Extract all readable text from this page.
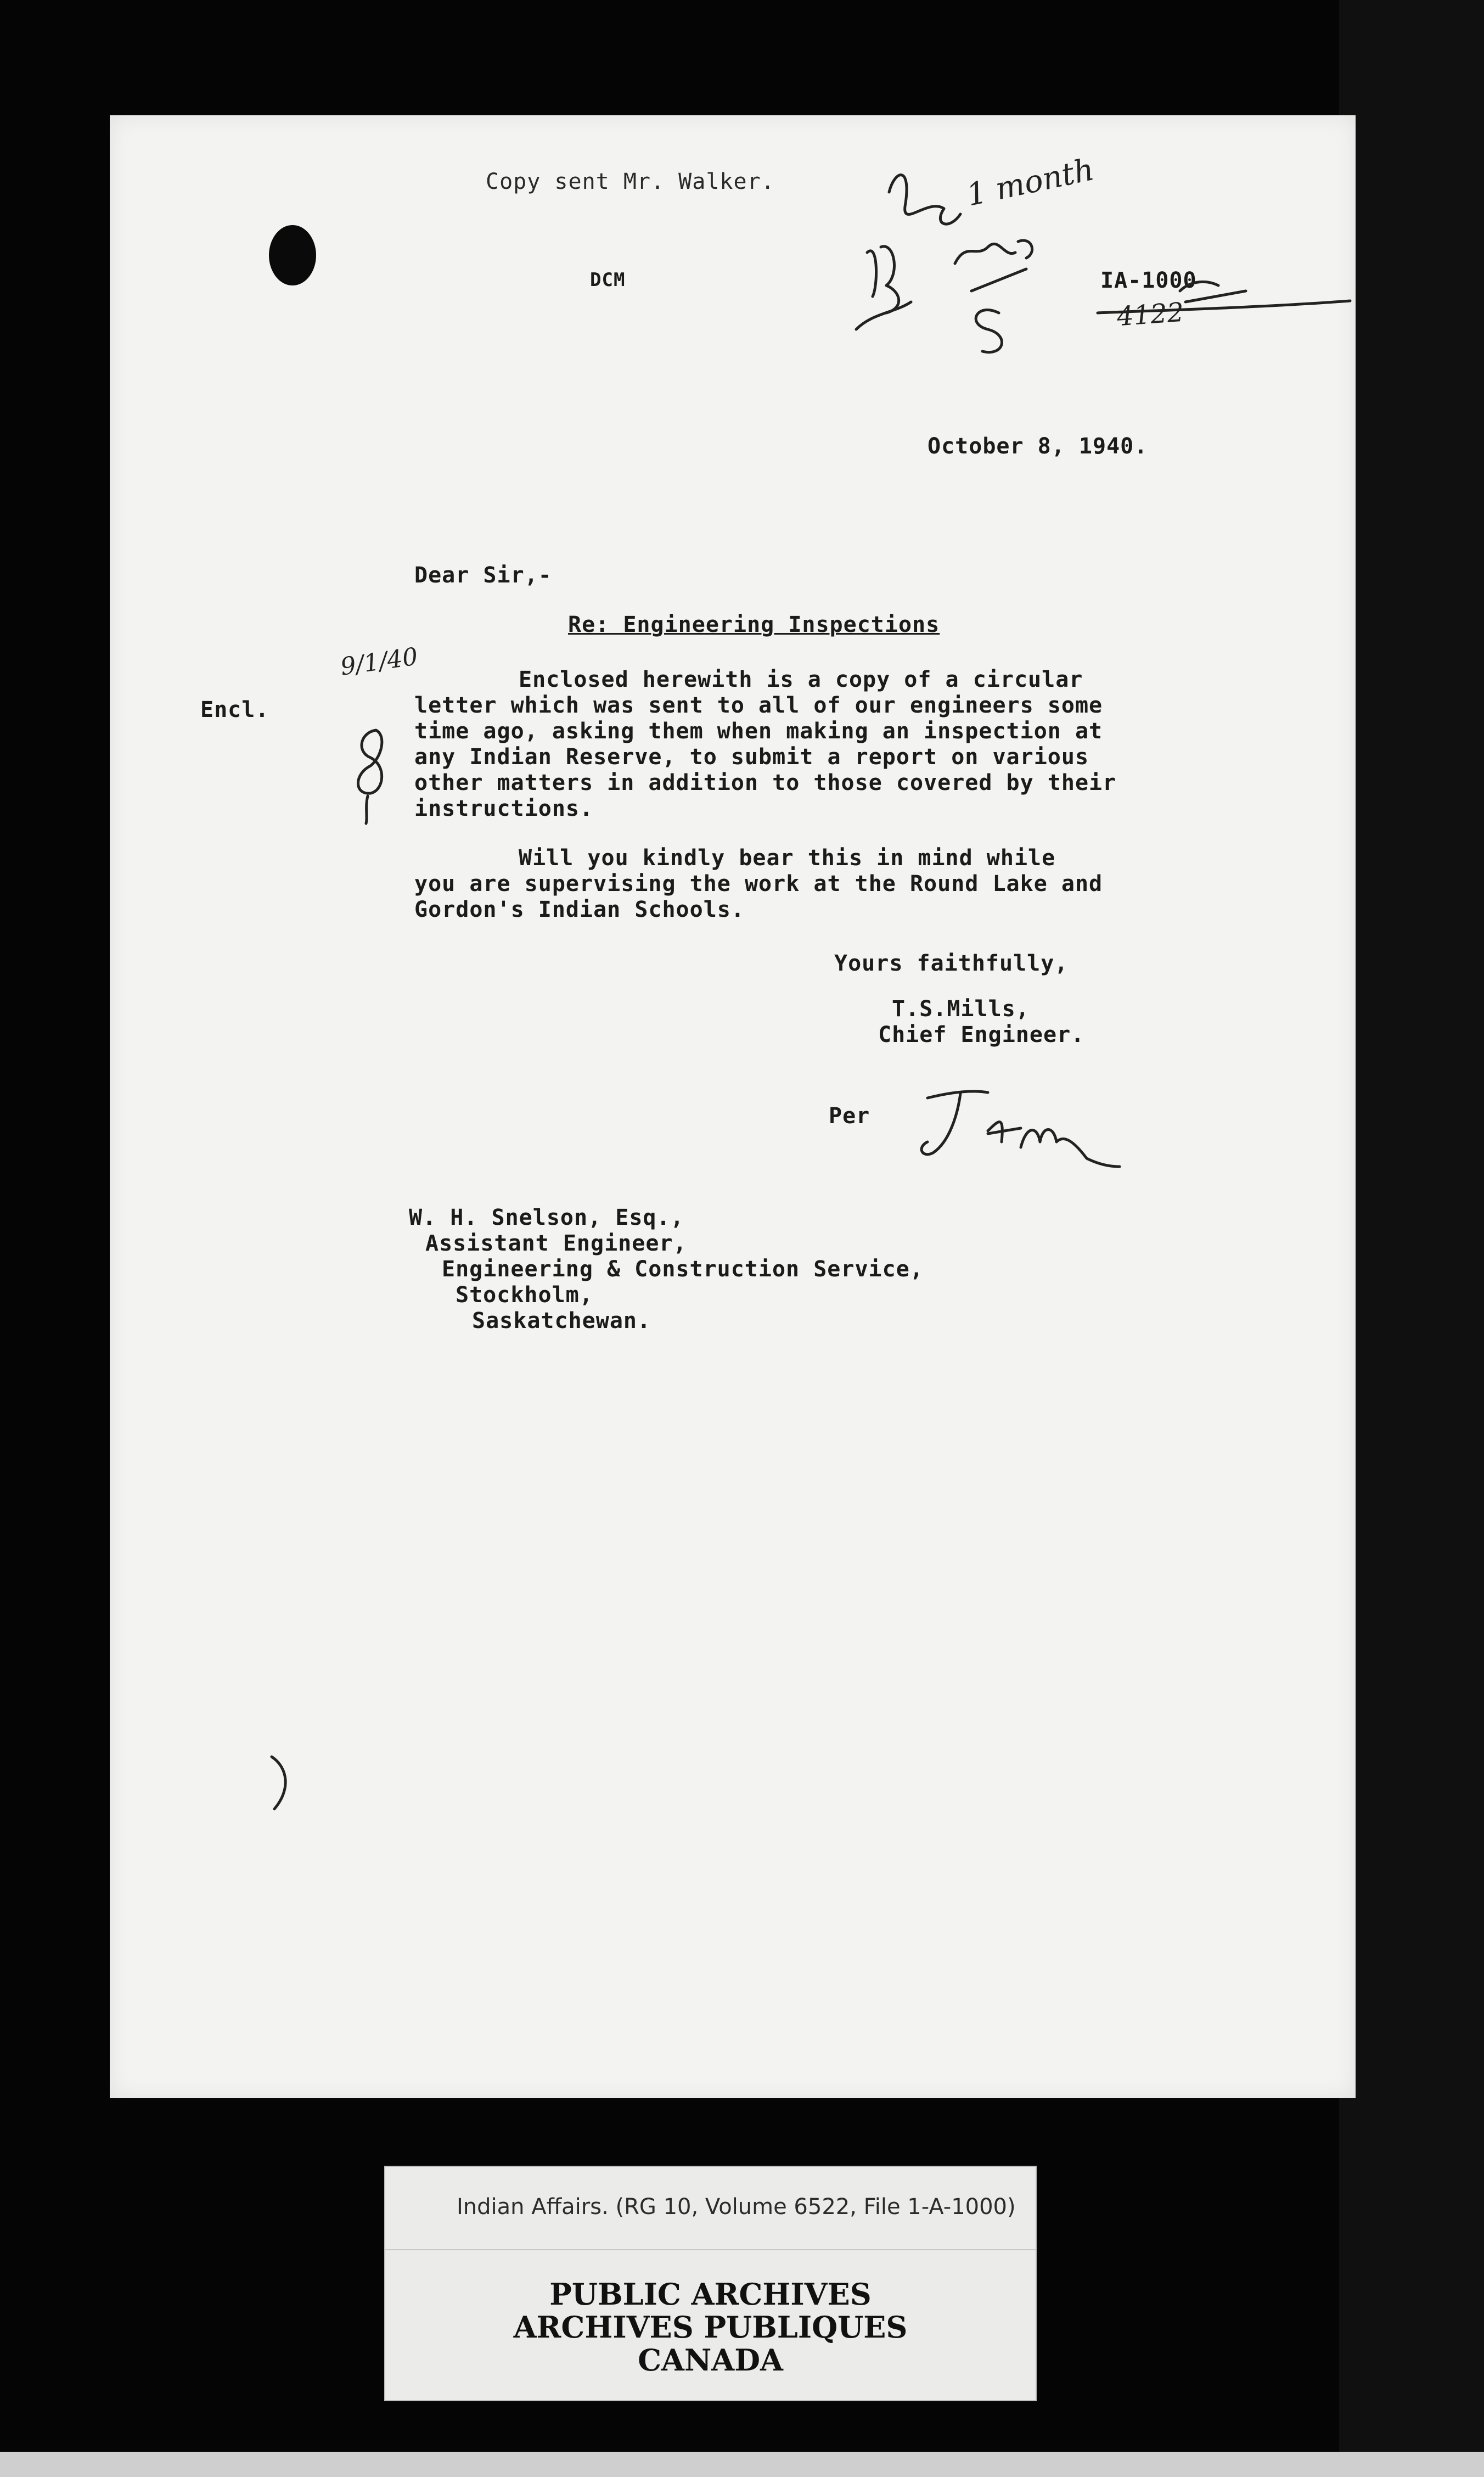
Copy sent Mr. Walker.
DCM	IA-1000
October 8, 1940.
Dear Sir,-
Re: Engineering Inspections
Encl.
Enclosed herewith is a copy of a circular
letter which was sent to all of our engineers some
time ago, asking them when making an inspection at
any Indian Reserve, to submit a report on various
other matters in addition to those covered by their
instructions.
Will you kindly bear this in mind while
you are supervising the work at the Round Lake and
Gordon's Indian Schools.
Yours faithfully,
T.S.Mills,
Chief Engineer.
Per
W. H. Snelson, Esq.,
Assistant Engineer,
Engineering & Construction Service,
Stockholm,
Saskatchewan.
1 month
9/1/40
4122
Indian Affairs. (RG 10, Volume 6522, File 1-A-1000)
PUBLIC ARCHIVES
ARCHIVES PUBLIQUES
CANADA
